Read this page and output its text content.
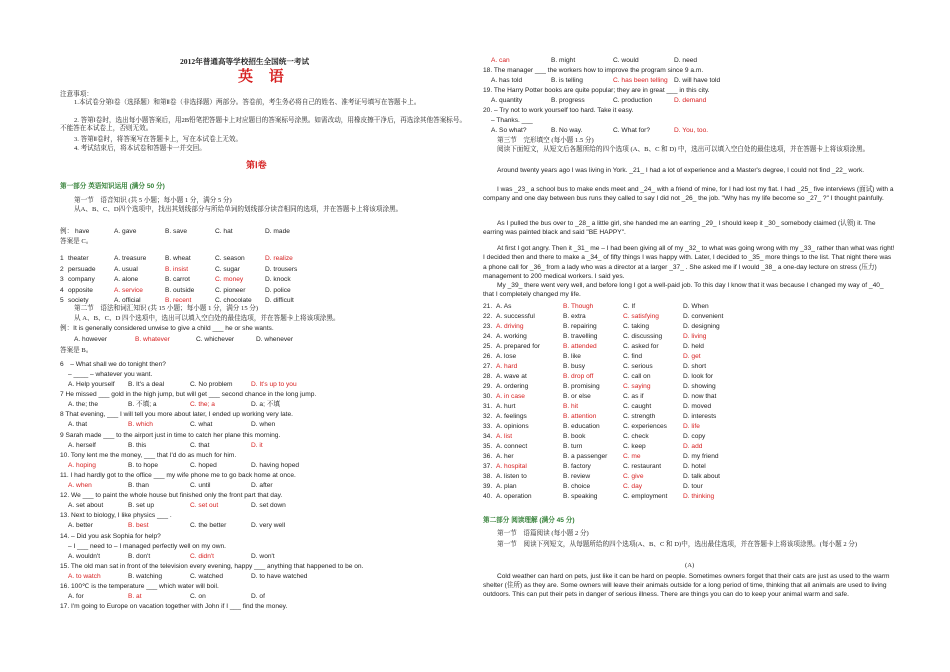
2012年普通高等学校招生全国统一考试
英 语
注意事项：
1.本试卷分第Ⅰ卷（选择题）和第Ⅱ卷（非选择题）两部分。答卷前，考生务必将自己的姓名、准考证号填写在答题卡上。
2. 答第Ⅰ卷时，选出每小题答案后，用2B铅笔把答题卡上对应题目的答案标号涂黑。如需改动，用橡皮擦干净后，再选涂其他答案标号。不能答在本试卷上，否则无效。
3. 答第Ⅱ卷时，将答案写在答题卡上，写在本试卷上无效。
4. 考试结束后，将本试卷和答题卡一并交回。
第Ⅰ卷
第一部分 英语知识运用 (满分 50 分)
第一节　语音知识 (共 5 小题；每小题 1 分，满分 5 分)
从A、B、C、D四个选项中，找出其划线部分与所给单词的划线部分读音相同的选项，并在答题卡上将该项涂黑。
例： have	A. gave	B. save	C. hat	D. made
答案是 C。
1 theater	A. treasure	B. wheat	C. season	D. realize
2 persuade	A. usual	B. insist	C. sugar	D. trousers
3 company	A. alone	B. carrot	C. money	D. knock
4 opposite	A. service	B. outside	C. pioneer	D. police
5 society	A. official	B. recent	C. chocolate D. difficult
第二节　语法和词汇知识 (共 15 小题；每小题 1 分，满分 15 分)
从 A、B、C、D 四个选项中，选出可以填入空白处的最佳选项，并在答题卡上将该项涂黑。
例：It is generally considered unwise to give a child ___ he or she wants.
A. however	B. whatever	C. whichever	D. whenever
答案是 B。
6　– What shall we do tonight then?
– ____ – whatever you want.
A. Help yourself B. It's a deal	C. No problem	D. It's up to you
7 He missed ___ gold in the high jump, but will get ___ second chance in the long jump.
A. the; the	B. 不填; a	C. the; a	D. a; 不填
8 That evening, ___ I will tell you more about later, I ended up working very late.
A. that	B. which	C. what	D. when
9 Sarah made ___ to the airport just in time to catch her plane this morning.
A. herself	B. this	C. that	D. it
10. Tony lent me the money, ___ that I'd do as much for him.
A. hoping	B. to hope	C. hoped	D. having hoped
11. I had hardly got to the office ___ my wife phone me to go back home at once.
A. when	B. than	C. until	D. after
12. We ___ to paint the whole house but finished only the front part that day.
A. set about	B. set up	C. set out	D. set down
13. Next to biology, I like physics ___ .
A. better	B. best	C. the better	D. very well
14. – Did you ask Sophia for help?
– I ___ need to – I managed perfectly well on my own.
A. wouldn't	B. don't	C. didn't	D. won't
15. The old man sat in front of the television every evening, happy ___ anything that happened to be on.
A. to watch	B. watching	C. watched	D. to have watched
16. 100℃ is the temperature ___ which water will boil.
A. for	B. at	C. on	D. of
17. I'm going to Europe on vacation together with John if I ___ find the money.
A. can	B. might	C. would	D. need
18. The manager ___ the workers how to improve the program since 9 a.m.
A. has told	B. is telling	C. has been telling D. will have told
19. The Harry Potter books are quite popular; they are in great ___ in this city.
A. quantity	B. progress	C. production	D. demand
20. – Try not to work yourself too hard. Take it easy.
– Thanks. ___
A. So what?	B. No way.	C. What for?	D. You, too.
第三节　完形填空 (每小题 1.5 分)
阅读下面短文，从短文后各题所给的四个选项 (A、B、C 和 D) 中，选出可以填入空白处的最佳选项，并在答题卡上将该项涂黑。
Around twenty years ago I was living in York. _21_ I had a lot of experience and a Master's degree, I could not find _22_ work.
I was _23_ a school bus to make ends meet and _24_ with a friend of mine, for I had lost my flat. I had _25_ five interviews (面试) with a company and one day between bus runs they called to say I did not _26_ the job. "Why has my life become so _27_ ?" I thought painfully.
As I pulled the bus over to _28_ a little girl, she handed me an earring _29_ I should keep it _30_ somebody claimed (认领) it. The earring was painted black and said "BE HAPPY".
At first I got angry. Then it _31_ me – I had been giving all of my _32_ to what was going wrong with my _33_ rather than what was right! I decided then and there to make a _34_ of fifty things I was happy with. Later, I decided to _35_ more things to the list. That night there was a phone call for _36_ from a lady who was a director at a larger _37_ . She asked me if I would _38_ a one-day lecture on stress (压力) management to 200 medical workers. I said yes.
My _39_ there went very well, and before long I got a well-paid job. To this day I know that it was because I changed my way of _40_ that I completely changed my life.
21. A. As	B. Though	C. If	D. When
22. A. successful	B. extra	C. satisfying	D. convenient
23. A. driving	B. repairing	C. taking	D. designing
24. A. working	B. travelling	C. discussing	D. living
25. A. prepared for	B. attended	C. asked for	D. held
26. A. lose	B. like	C. find	D. get
27. A. hard	B. busy	C. serious	D. short
28. A. wave at	B. drop off	C. call on	D. look for
29. A. ordering	B. promising	C. saying	D. showing
30. A. in case	B. or else	C. as if	D. now that
31. A. hurt	B. hit	C. caught	D. moved
32. A. feelings	B. attention	C. strength	D. interests
33. A. opinions	B. education	C. experiences D. life
34. A. list	B. book	C. check	D. copy
35. A. connect	B. turn	C. keep	D. add
36. A. her	B. a passenger C. me	D. my friend
37. A. hospital	B. factory	C. restaurant	D. hotel
38. A. listen to	B. review	C. give	D. talk about
39. A. plan	B. choice	C. day	D. tour
40. A. operation	B. speaking	C. employment D. thinking
第二部分 阅读理解 (满分 45 分)
第一节　语篇阅读 (每小题 2 分)
第一节　阅读下列短文，从每题所给的四个选项(A、B、C 和 D)中，选出最佳选项，并在答题卡上将该项涂黑。(每小题 2 分)
(A)
Cold weather can hard on pets, just like it can be hard on people. Sometimes owners forget that their cats are just as used to the warm shelter (住所) as they are. Some owners will leave their animals outside for a long period of time, thinking that all animals are used to living outdoors. This can put their pets in danger of serious illness. There are things you can do to keep your animal warm and safe.
